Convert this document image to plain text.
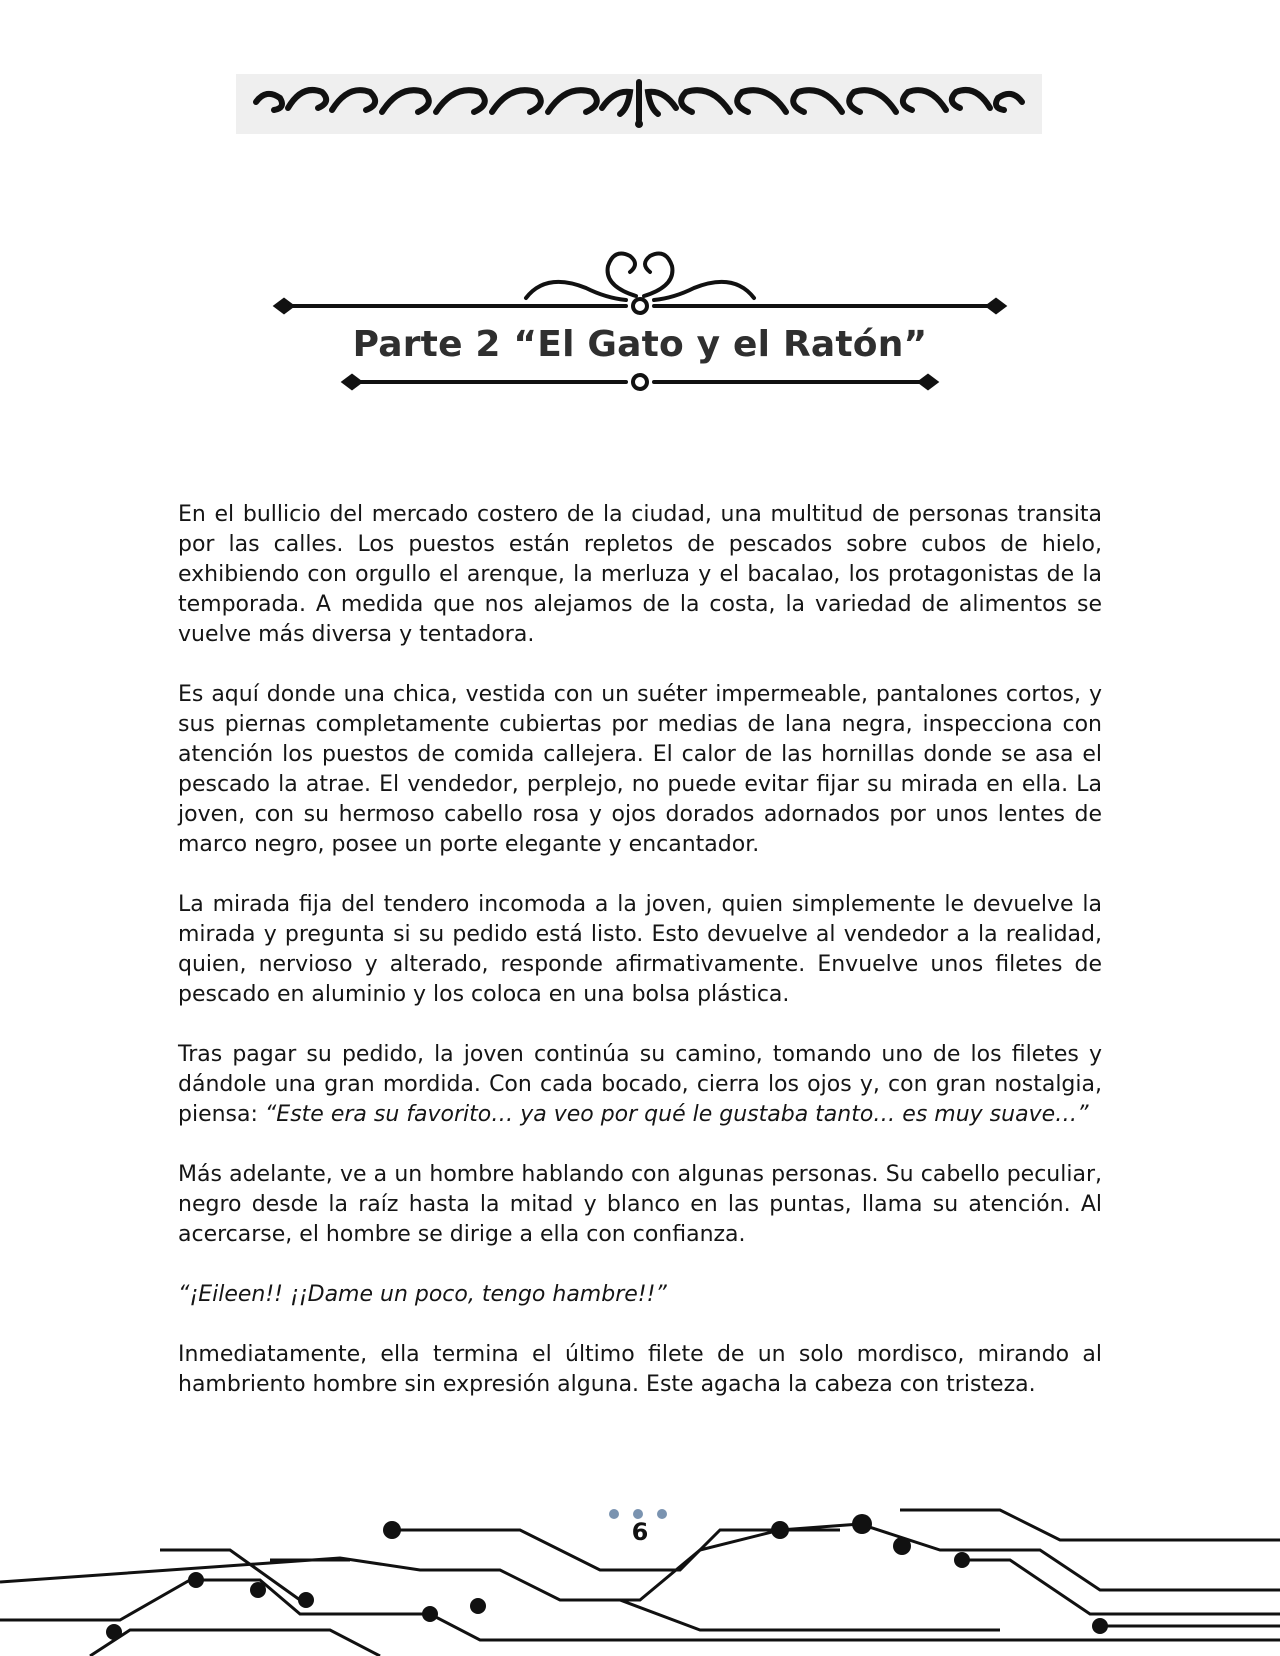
Parte 2 “El Gato y el Ratón”

En el bullicio del mercado costero de la ciudad, una multitud de personas transita por las calles. Los puestos están repletos de pescados sobre cubos de hielo, exhibiendo con orgullo el arenque, la merluza y el bacalao, los protagonistas de la temporada. A medida que nos alejamos de la costa, la variedad de alimentos se vuelve más diversa y tentadora.

Es aquí donde una chica, vestida con un suéter impermeable, pantalones cortos, y sus piernas completamente cubiertas por medias de lana negra, inspecciona con atención los puestos de comida callejera. El calor de las hornillas donde se asa el pescado la atrae. El vendedor, perplejo, no puede evitar fijar su mirada en ella. La joven, con su hermoso cabello rosa y ojos dorados adornados por unos lentes de marco negro, posee un porte elegante y encantador.

La mirada fija del tendero incomoda a la joven, quien simplemente le devuelve la mirada y pregunta si su pedido está listo. Esto devuelve al vendedor a la realidad, quien, nervioso y alterado, responde afirmativamente. Envuelve unos filetes de pescado en aluminio y los coloca en una bolsa plástica.

Tras pagar su pedido, la joven continúa su camino, tomando uno de los filetes y dándole una gran mordida. Con cada bocado, cierra los ojos y, con gran nostalgia, piensa: “Este era su favorito… ya veo por qué le gustaba tanto… es muy suave…”

Más adelante, ve a un hombre hablando con algunas personas. Su cabello peculiar, negro desde la raíz hasta la mitad y blanco en las puntas, llama su atención. Al acercarse, el hombre se dirige a ella con confianza.

“¡Eileen!! ¡¡Dame un poco, tengo hambre!!”

Inmediatamente, ella termina el último filete de un solo mordisco, mirando al hambriento hombre sin expresión alguna. Este agacha la cabeza con tristeza.

6
